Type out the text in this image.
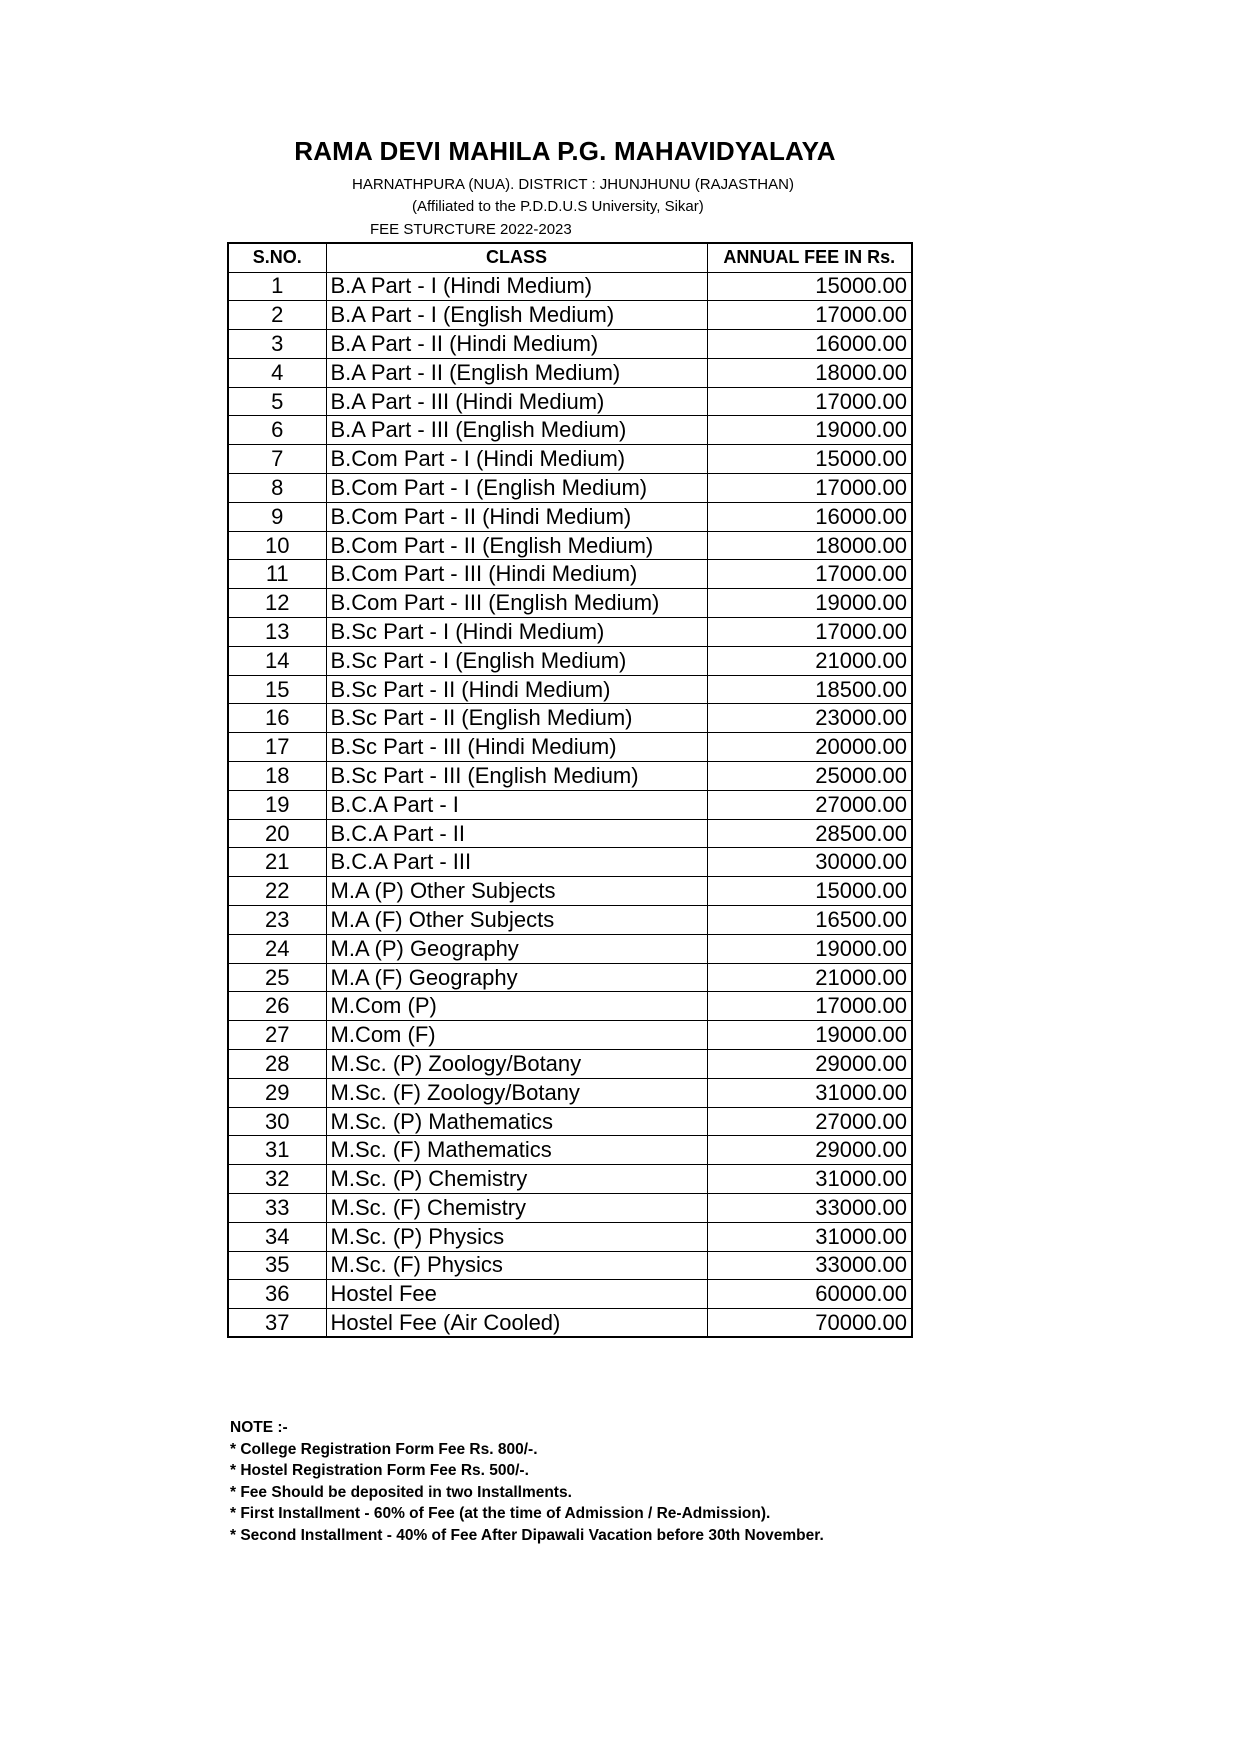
RAMA DEVI MAHILA P.G. MAHAVIDYALAYA
HARNATHPURA (NUA). DISTRICT : JHUNJHUNU (RAJASTHAN)
(Affiliated to the P.D.D.U.S University, Sikar)
FEE STURCTURE 2022-2023
S.NO.	CLASS	ANNUAL FEE IN Rs.
1	B.A Part - I (Hindi Medium)	15000.00
2	B.A Part - I (English Medium)	17000.00
3	B.A Part - II (Hindi Medium)	16000.00
4	B.A Part - II (English Medium)	18000.00
5	B.A Part - III (Hindi Medium)	17000.00
6	B.A Part - III (English Medium)	19000.00
7	B.Com Part - I (Hindi Medium)	15000.00
8	B.Com Part - I (English Medium)	17000.00
9	B.Com Part - II (Hindi Medium)	16000.00
10	B.Com Part - II (English Medium)	18000.00
11	B.Com Part - III (Hindi Medium)	17000.00
12	B.Com Part - III (English Medium)	19000.00
13	B.Sc Part - I (Hindi Medium)	17000.00
14	B.Sc Part - I (English Medium)	21000.00
15	B.Sc Part - II (Hindi Medium)	18500.00
16	B.Sc Part - II (English Medium)	23000.00
17	B.Sc Part - III (Hindi Medium)	20000.00
18	B.Sc Part - III (English Medium)	25000.00
19	B.C.A Part - I	27000.00
20	B.C.A Part - II	28500.00
21	B.C.A Part - III	30000.00
22	M.A (P) Other Subjects	15000.00
23	M.A (F) Other Subjects	16500.00
24	M.A (P) Geography	19000.00
25	M.A (F) Geography	21000.00
26	M.Com (P)	17000.00
27	M.Com (F)	19000.00
28	M.Sc. (P) Zoology/Botany	29000.00
29	M.Sc. (F) Zoology/Botany	31000.00
30	M.Sc. (P) Mathematics	27000.00
31	M.Sc. (F) Mathematics	29000.00
32	M.Sc. (P) Chemistry	31000.00
33	M.Sc. (F) Chemistry	33000.00
34	M.Sc. (P) Physics	31000.00
35	M.Sc. (F) Physics	33000.00
36	Hostel Fee	60000.00
37	Hostel Fee (Air Cooled)	70000.00
NOTE :-
* College Registration Form Fee Rs. 800/-.
* Hostel Registration Form Fee Rs. 500/-.
* Fee Should be deposited in two Installments.
* First Installment - 60% of Fee (at the time of Admission / Re-Admission).
* Second Installment - 40% of Fee After Dipawali Vacation before 30th November.
